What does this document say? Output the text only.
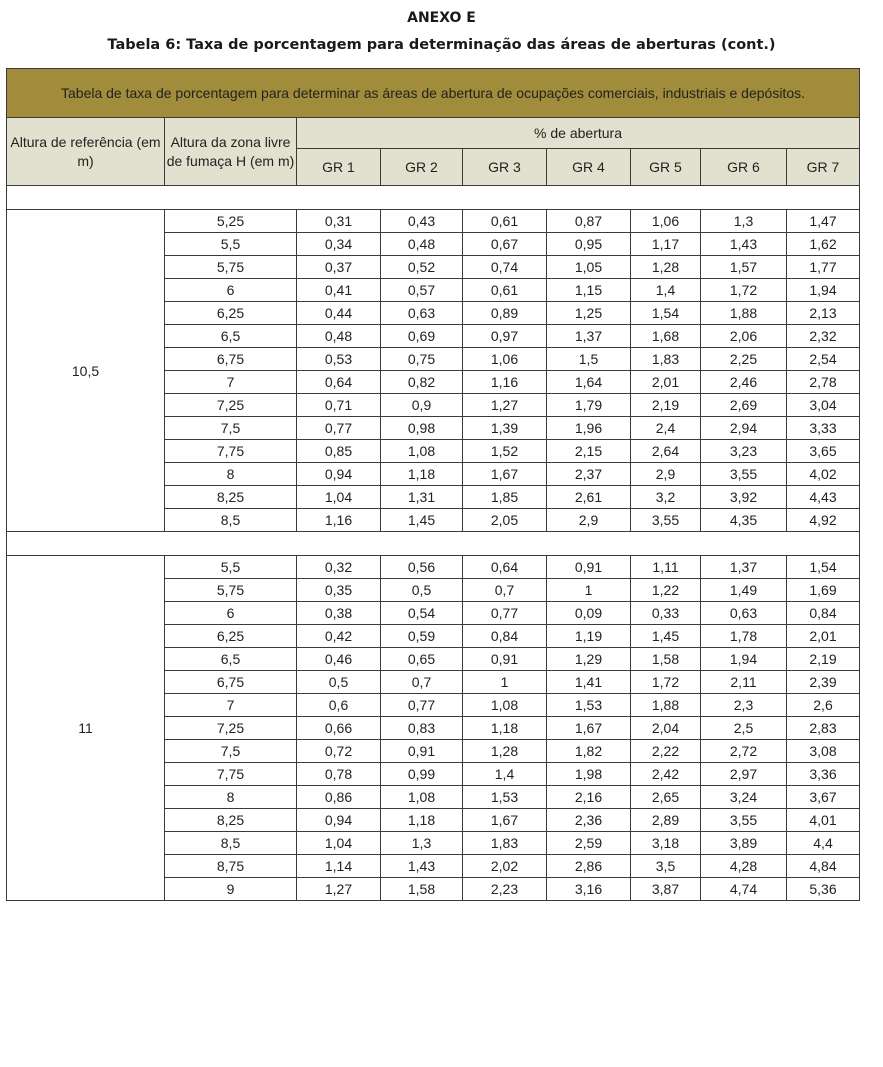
ANEXO E
Tabela 6: Taxa de porcentagem para determinação das áreas de aberturas (cont.)
Tabela de taxa de porcentagem para determinar as áreas de abertura de ocupações comerciais, industriais e depósitos.								
Altura de referência (em m)	Altura da zona livre de fumaça H (em m)	% de abertura						
		GR 1	GR 2	GR 3	GR 4	GR 5	GR 6	GR 7

10,5	5,25	0,31	0,43	0,61	0,87	1,06	1,3	1,47
	5,5	0,34	0,48	0,67	0,95	1,17	1,43	1,62
	5,75	0,37	0,52	0,74	1,05	1,28	1,57	1,77
	6	0,41	0,57	0,61	1,15	1,4	1,72	1,94
	6,25	0,44	0,63	0,89	1,25	1,54	1,88	2,13
	6,5	0,48	0,69	0,97	1,37	1,68	2,06	2,32
	6,75	0,53	0,75	1,06	1,5	1,83	2,25	2,54
	7	0,64	0,82	1,16	1,64	2,01	2,46	2,78
	7,25	0,71	0,9	1,27	1,79	2,19	2,69	3,04
	7,5	0,77	0,98	1,39	1,96	2,4	2,94	3,33
	7,75	0,85	1,08	1,52	2,15	2,64	3,23	3,65
	8	0,94	1,18	1,67	2,37	2,9	3,55	4,02
	8,25	1,04	1,31	1,85	2,61	3,2	3,92	4,43
	8,5	1,16	1,45	2,05	2,9	3,55	4,35	4,92

11	5,5	0,32	0,56	0,64	0,91	1,11	1,37	1,54
	5,75	0,35	0,5	0,7	1	1,22	1,49	1,69
	6	0,38	0,54	0,77	0,09	0,33	0,63	0,84
	6,25	0,42	0,59	0,84	1,19	1,45	1,78	2,01
	6,5	0,46	0,65	0,91	1,29	1,58	1,94	2,19
	6,75	0,5	0,7	1	1,41	1,72	2,11	2,39
	7	0,6	0,77	1,08	1,53	1,88	2,3	2,6
	7,25	0,66	0,83	1,18	1,67	2,04	2,5	2,83
	7,5	0,72	0,91	1,28	1,82	2,22	2,72	3,08
	7,75	0,78	0,99	1,4	1,98	2,42	2,97	3,36
	8	0,86	1,08	1,53	2,16	2,65	3,24	3,67
	8,25	0,94	1,18	1,67	2,36	2,89	3,55	4,01
	8,5	1,04	1,3	1,83	2,59	3,18	3,89	4,4
	8,75	1,14	1,43	2,02	2,86	3,5	4,28	4,84
	9	1,27	1,58	2,23	3,16	3,87	4,74	5,36
